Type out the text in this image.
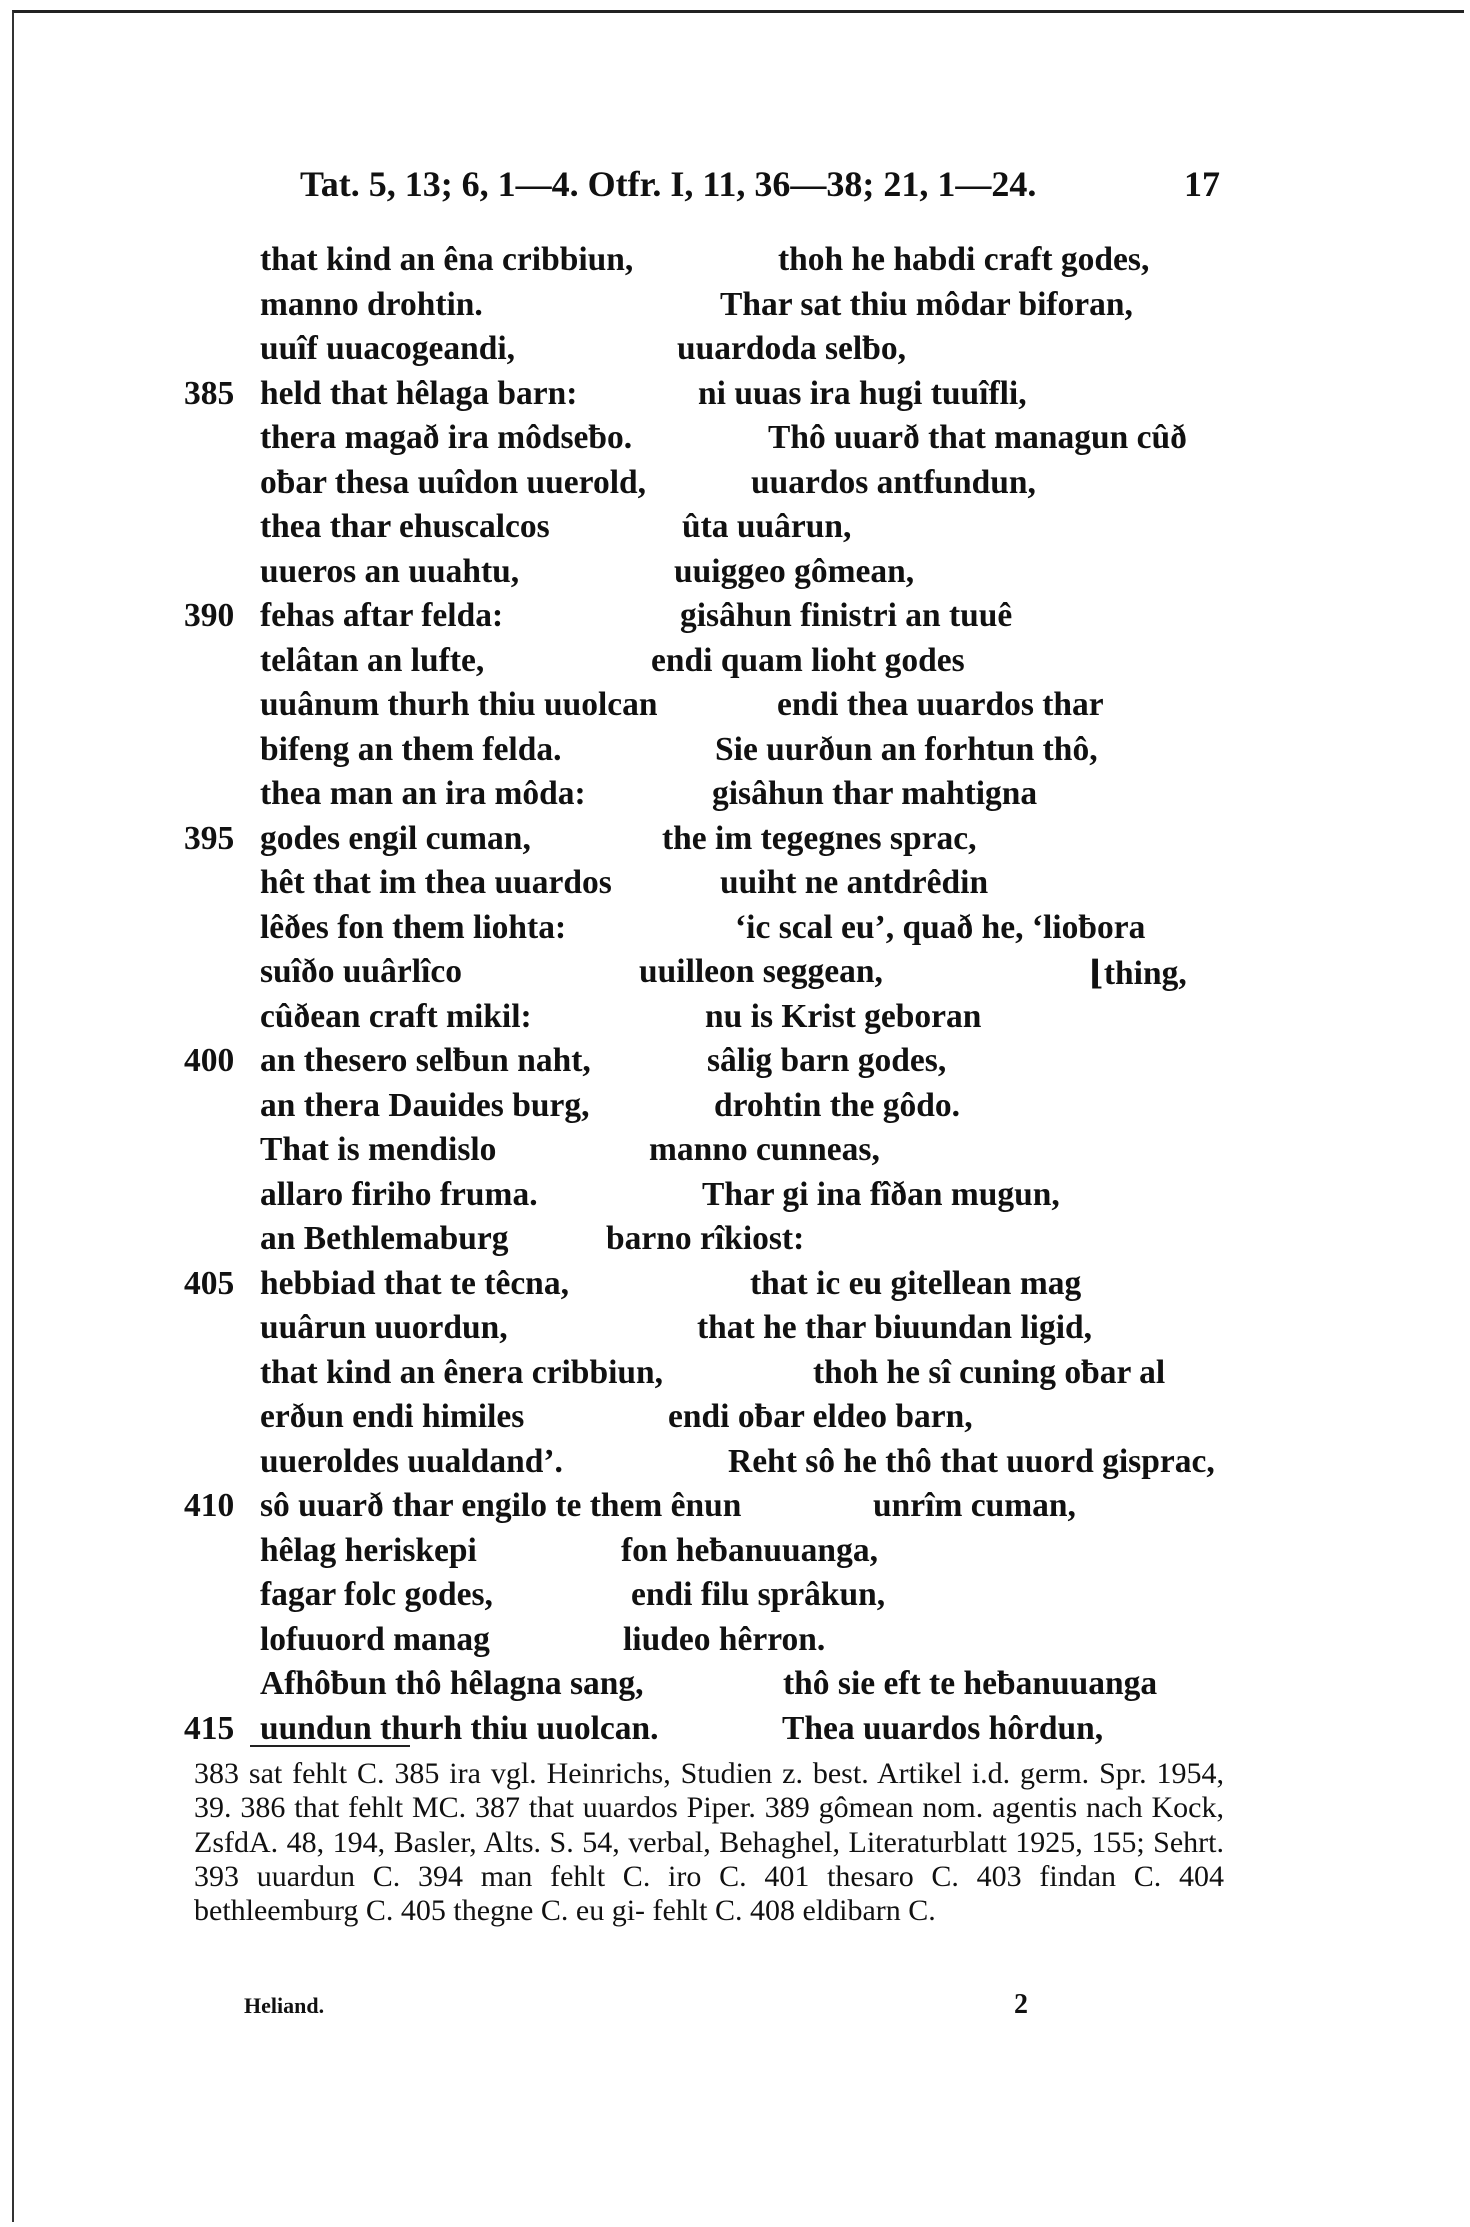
Tat. 5, 13; 6, 1—4. Otfr. I, 11, 36—38; 21, 1—24.	17
that kind an êna cribbiun,	thoh he habdi craft godes,
manno drohtin.	Thar sat thiu môdar biforan,
uuîf uuacogeandi,	uuardoda selƀo,
385 held that hêlaga barn:	ni uuas ira hugi tuuîfli,
thera magað ira môdseƀo.	Thô uuarð that managun cûð
oƀar thesa uuîdon uuerold,	uuardos antfundun,
thea thar ehuscalcos	ûta uuârun,
uueros an uuahtu,	uuiggeo gômean,
390 fehas aftar felda:	gisâhun finistri an tuuê
telâtan an lufte,	endi quam lioht godes
uuânum thurh thiu uuolcan	endi thea uuardos thar
bifeng an them felda.	Sie uurðun an forhtun thô,
thea man an ira môda:	gisâhun thar mahtigna
395 godes engil cuman,	the im tegegnes sprac,
hêt that im thea uuardos	uuiht ne antdrêdin
lêðes fon them liohta:	‘ic scal eu’, quað he, ‘lioƀora
suîðo uuârlîco	uuilleon seggean,	⌊thing,
cûðean craft mikil:	nu is Krist geboran
400 an thesero selƀun naht,	sâlig barn godes,
an thera Dauides burg,	drohtin the gôdo.
That is mendislo	manno cunneas,
allaro firiho fruma.	Thar gi ina fîðan mugun,
an Bethlemaburg	barno rîkiost:
405 hebbiad that te têcna,	that ic eu gitellean mag
uuârun uuordun,	that he thar biuundan ligid,
that kind an ênera cribbiun,	thoh he sî cuning oƀar al
erðun endi himiles	endi oƀar eldeo barn,
uueroldes uualdand’.	Reht sô he thô that uuord gisprac,
410 sô uuarð thar engilo te them ênun	unrîm cuman,
hêlag heriskepi	fon heƀanuuanga,
fagar folc godes,	endi filu sprâkun,
lofuuord manag	liudeo hêrron.
Afhôƀun thô hêlagna sang,	thô sie eft te heƀanuuanga
415 uundun thurh thiu uuolcan.	Thea uuardos hôrdun,
383 sat fehlt C. 385 ira vgl. Heinrichs, Studien z. best. Artikel i.d. germ. Spr. 1954, 39. 386 that fehlt MC. 387 that uuardos Piper. 389 gômean nom. agentis nach Kock, ZsfdA. 48, 194, Basler, Alts. S. 54, verbal, Behaghel, Literaturblatt 1925, 155; Sehrt. 393 uuardun C. 394 man fehlt C. iro C. 401 thesaro C. 403 findan C. 404 bethleemburg C. 405 thegne C. eu gi- fehlt C. 408 eldibarn C.
Heliand.	2
